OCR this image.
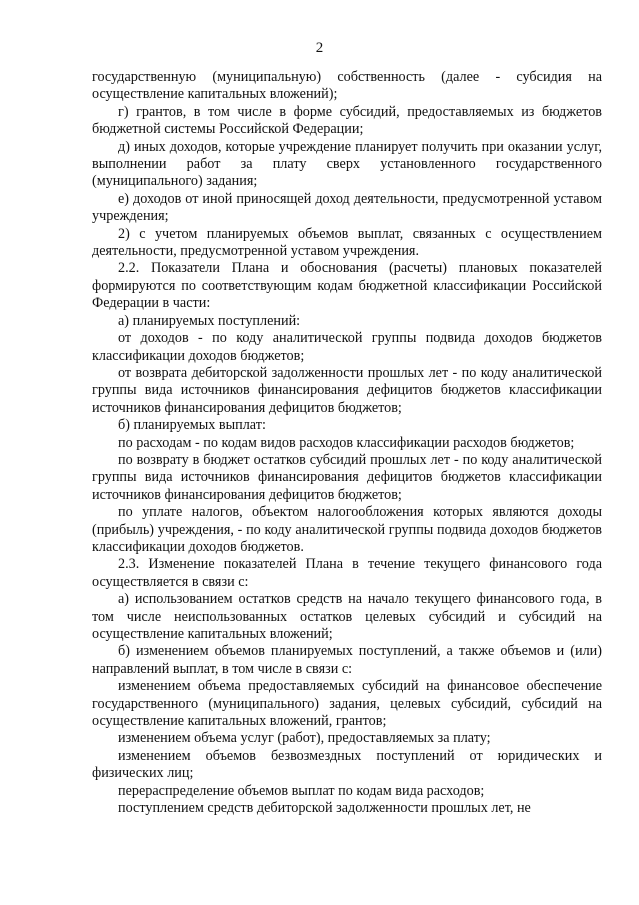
2

государственную (муниципальную) собственность (далее - субсидия на осуществление капитальных вложений);

г) грантов, в том числе в форме субсидий, предоставляемых из бюджетов бюджетной системы Российской Федерации;

д) иных доходов, которые учреждение планирует получить при оказании услуг, выполнении работ за плату сверх установленного государственного (муниципального) задания;

е) доходов от иной приносящей доход деятельности, предусмотренной уставом учреждения;

2) с учетом планируемых объемов выплат, связанных с осуществлением деятельности, предусмотренной уставом учреждения.

2.2. Показатели Плана и обоснования (расчеты) плановых показателей формируются по соответствующим кодам бюджетной классификации Российской Федерации в части:

а) планируемых поступлений:

от доходов - по коду аналитической группы подвида доходов бюджетов классификации доходов бюджетов;

от возврата дебиторской задолженности прошлых лет - по коду аналитической группы вида источников финансирования дефицитов бюджетов классификации источников финансирования дефицитов бюджетов;

б) планируемых выплат:

по расходам - по кодам видов расходов классификации расходов бюджетов;

по возврату в бюджет остатков субсидий прошлых лет - по коду аналитической группы вида источников финансирования дефицитов бюджетов классификации источников финансирования дефицитов бюджетов;

по уплате налогов, объектом налогообложения которых являются доходы (прибыль) учреждения, - по коду аналитической группы подвида доходов бюджетов классификации доходов бюджетов.

2.3. Изменение показателей Плана в течение текущего финансового года осуществляется в связи с:

а) использованием остатков средств на начало текущего финансового года, в том числе неиспользованных остатков целевых субсидий и субсидий на осуществление капитальных вложений;

б) изменением объемов планируемых поступлений, а также объемов и (или) направлений выплат, в том числе в связи с:

изменением объема предоставляемых субсидий на финансовое обеспечение государственного (муниципального) задания, целевых субсидий, субсидий на осуществление капитальных вложений, грантов;

изменением объема услуг (работ), предоставляемых за плату;

изменением объемов безвозмездных поступлений от юридических и физических лиц;

перераспределение объемов выплат по кодам вида расходов;

поступлением средств дебиторской задолженности прошлых лет, не
